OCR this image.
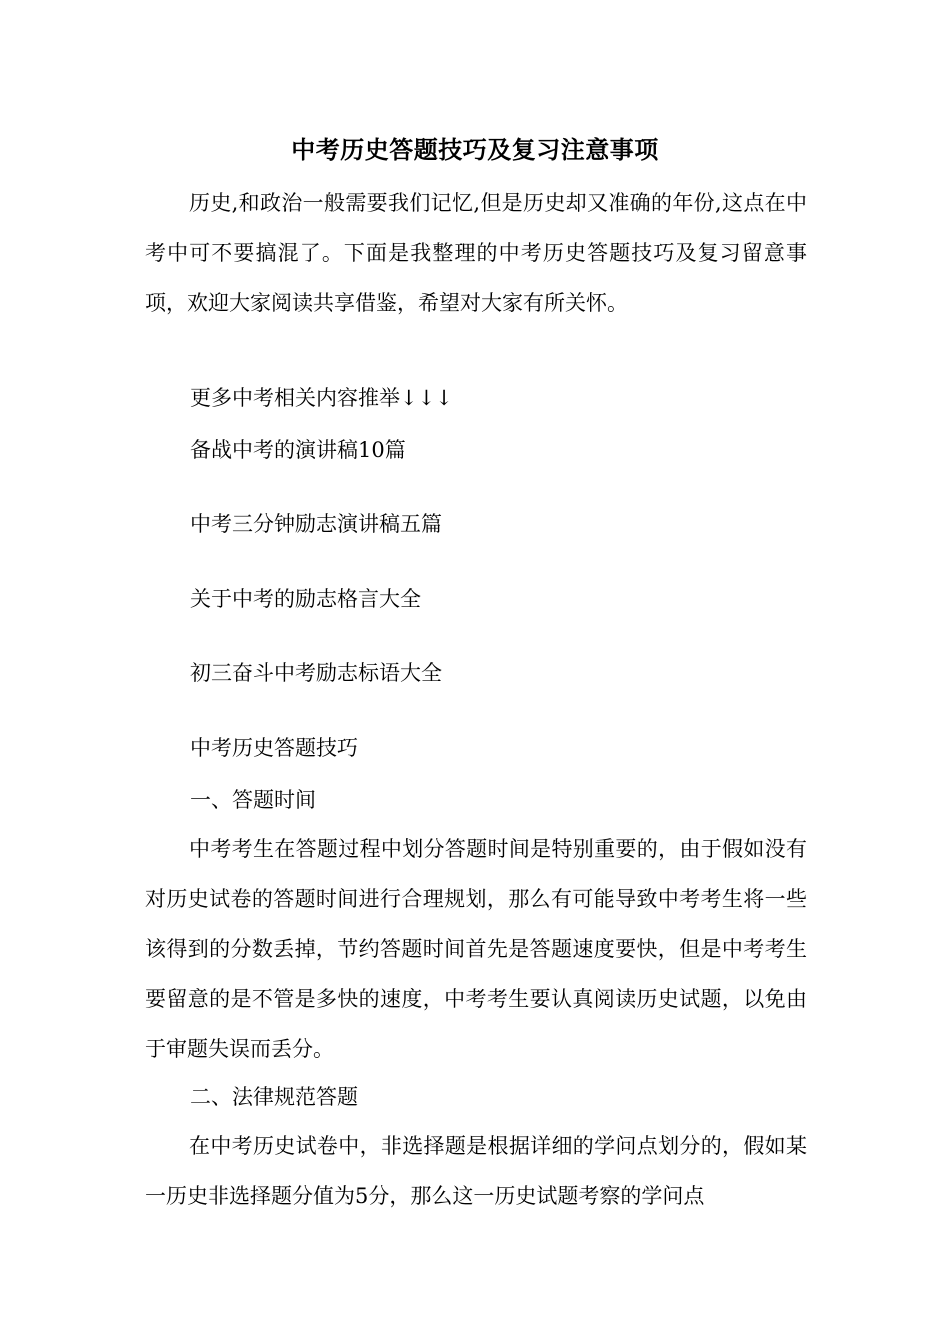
中考历史答题技巧及复习注意事项
历史,和政治一般需要我们记忆,但是历史却又准确的年份,这点在中考中可不要搞混了。下面是我整理的中考历史答题技巧及复习留意事项，欢迎大家阅读共享借鉴，希望对大家有所关怀。
更多中考相关内容推举↓↓↓
备战中考的演讲稿10篇
中考三分钟励志演讲稿五篇
关于中考的励志格言大全
初三奋斗中考励志标语大全
中考历史答题技巧
一、答题时间
中考考生在答题过程中划分答题时间是特别重要的，由于假如没有对历史试卷的答题时间进行合理规划，那么有可能导致中考考生将一些该得到的分数丢掉，节约答题时间首先是答题速度要快，但是中考考生要留意的是不管是多快的速度，中考考生要认真阅读历史试题，以免由于审题失误而丢分。
二、法律规范答题
在中考历史试卷中，非选择题是根据详细的学问点划分的，假如某一历史非选择题分值为5分，那么这一历史试题考察的学问点
